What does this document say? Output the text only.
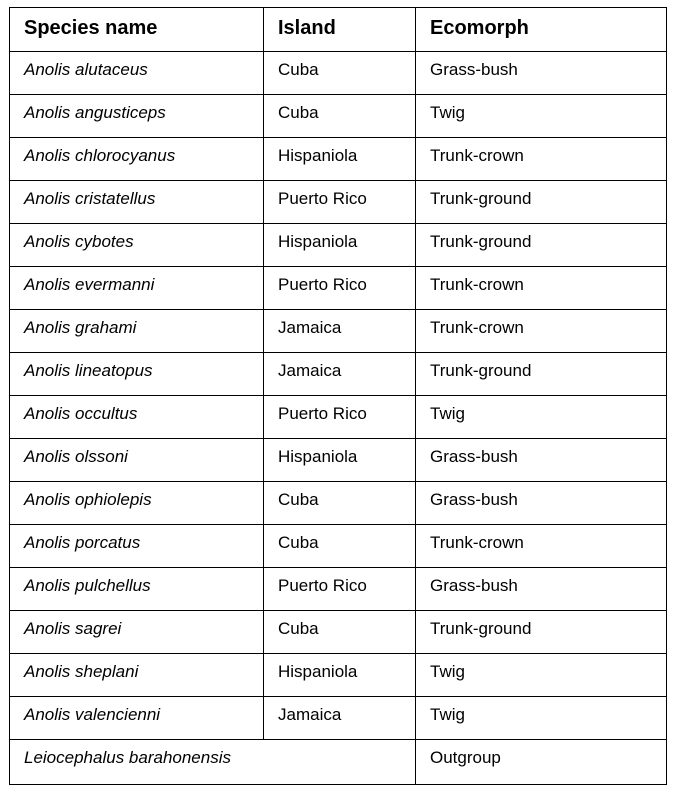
Species name	Island	Ecomorph
Anolis alutaceus	Cuba	Grass-bush
Anolis angusticeps	Cuba	Twig
Anolis chlorocyanus	Hispaniola	Trunk-crown
Anolis cristatellus	Puerto Rico	Trunk-ground
Anolis cybotes	Hispaniola	Trunk-ground
Anolis evermanni	Puerto Rico	Trunk-crown
Anolis grahami	Jamaica	Trunk-crown
Anolis lineatopus	Jamaica	Trunk-ground
Anolis occultus	Puerto Rico	Twig
Anolis olssoni	Hispaniola	Grass-bush
Anolis ophiolepis	Cuba	Grass-bush
Anolis porcatus	Cuba	Trunk-crown
Anolis pulchellus	Puerto Rico	Grass-bush
Anolis sagrei	Cuba	Trunk-ground
Anolis sheplani	Hispaniola	Twig
Anolis valencienni	Jamaica	Twig
Leiocephalus barahonensis		Outgroup
